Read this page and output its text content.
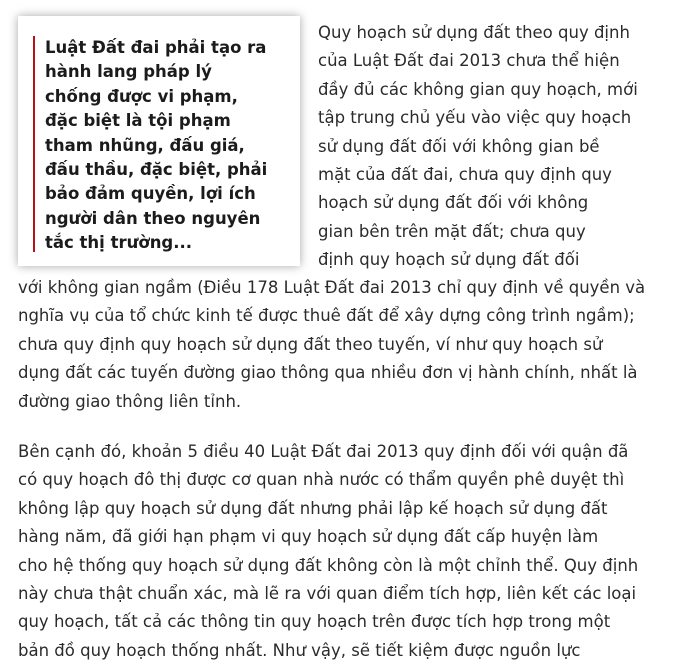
Luật Đất đai phải tạo ra
hành lang pháp lý
chống được vi phạm,
đặc biệt là tội phạm
tham nhũng, đấu giá,
đấu thầu, đặc biệt, phải
bảo đảm quyền, lợi ích
người dân theo nguyên
tắc thị trường...
Quy hoạch sử dụng đất theo quy định
của Luật Đất đai 2013 chưa thể hiện
đầy đủ các không gian quy hoạch, mới
tập trung chủ yếu vào việc quy hoạch
sử dụng đất đối với không gian bề
mặt của đất đai, chưa quy định quy
hoạch sử dụng đất đối với không
gian bên trên mặt đất; chưa quy
định quy hoạch sử dụng đất đối
với không gian ngầm (Điều 178 Luật Đất đai 2013 chỉ quy định về quyền và
nghĩa vụ của tổ chức kinh tế được thuê đất để xây dựng công trình ngầm);
chưa quy định quy hoạch sử dụng đất theo tuyến, ví như quy hoạch sử
dụng đất các tuyến đường giao thông qua nhiều đơn vị hành chính, nhất là
đường giao thông liên tỉnh.
Bên cạnh đó, khoản 5 điều 40 Luật Đất đai 2013 quy định đối với quận đã
có quy hoạch đô thị được cơ quan nhà nước có thẩm quyền phê duyệt thì
không lập quy hoạch sử dụng đất nhưng phải lập kế hoạch sử dụng đất
hàng năm, đã giới hạn phạm vi quy hoạch sử dụng đất cấp huyện làm
cho hệ thống quy hoạch sử dụng đất không còn là một chỉnh thể. Quy định
này chưa thật chuẩn xác, mà lẽ ra với quan điểm tích hợp, liên kết các loại
quy hoạch, tất cả các thông tin quy hoạch trên được tích hợp trong một
bản đồ quy hoạch thống nhất. Như vậy, sẽ tiết kiệm được nguồn lực
